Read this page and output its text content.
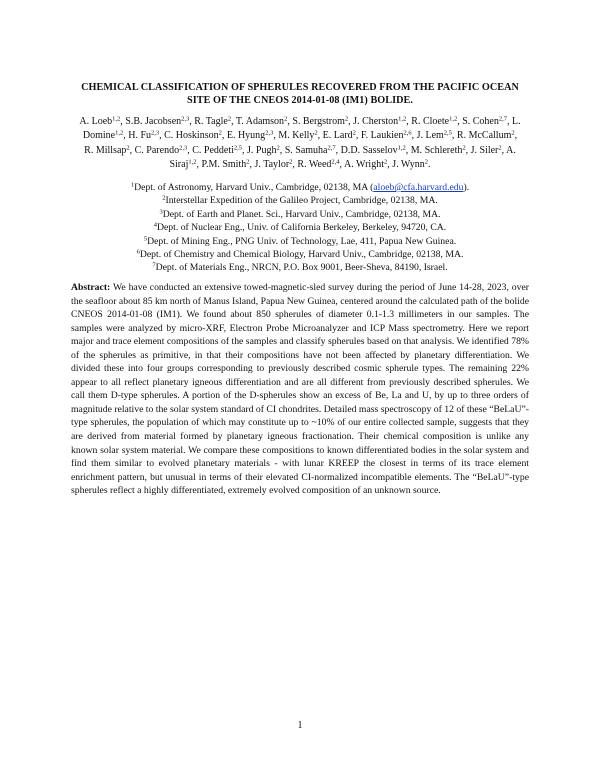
CHEMICAL CLASSIFICATION OF SPHERULES RECOVERED FROM THE PACIFIC OCEAN SITE OF THE CNEOS 2014-01-08 (IM1) BOLIDE.
A. Loeb$^{1,2}$, S.B. Jacobsen$^{2,3}$, R. Tagle$^2$, T. Adamson$^2$, S. Bergstrom$^2$, J. Cherston$^{1,2}$, R. Cloete$^{1,2}$, S. Cohen$^{2,7}$, L. Domine$^{1,2}$, H. Fu$^{2,3}$, C. Hoskinson$^2$, E. Hyung$^{2,3}$, M. Kelly$^2$, E. Lard$^2$, F. Laukien$^{2,6}$, J. Lem$^{2,5}$, R. McCallum$^2$, R. Millsap$^2$, C. Parendo$^{2,3}$, C. Peddeti$^{2,5}$, J. Pugh$^2$, S. Samuha$^{2,7}$, D.D. Sasselov$^{1,2}$, M. Schlereth$^2$, J. Siler$^2$, A. Siraj$^{1,2}$, P.M. Smith$^2$, J. Taylor$^2$, R. Weed$^{2,4}$, A. Wright$^2$, J. Wynn$^2$.
$^1$Dept. of Astronomy, Harvard Univ., Cambridge, 02138, MA (aloeb@cfa.harvard.edu).
$^2$Interstellar Expedition of the Galileo Project, Cambridge, 02138, MA.
$^3$Dept. of Earth and Planet. Sci., Harvard Univ., Cambridge, 02138, MA.
$^4$Dept. of Nuclear Eng., Univ. of California Berkeley, Berkeley, 94720, CA.
$^5$Dept. of Mining Eng., PNG Univ. of Technology, Lae, 411, Papua New Guinea.
$^6$Dept. of Chemistry and Chemical Biology, Harvard Univ., Cambridge, 02138, MA.
$^7$Dept. of Materials Eng., NRCN, P.O. Box 9001, Beer-Sheva, 84190, Israel.
Abstract: We have conducted an extensive towed-magnetic-sled survey during the period of June 14-28, 2023, over the seafloor about 85 km north of Manus Island, Papua New Guinea, centered around the calculated path of the bolide CNEOS 2014-01-08 (IM1). We found about 850 spherules of diameter 0.1-1.3 millimeters in our samples. The samples were analyzed by micro-XRF, Electron Probe Microanalyzer and ICP Mass spectrometry. Here we report major and trace element compositions of the samples and classify spherules based on that analysis. We identified 78% of the spherules as primitive, in that their compositions have not been affected by planetary differentiation. We divided these into four groups corresponding to previously described cosmic spherule types. The remaining 22% appear to all reflect planetary igneous differentiation and are all different from previously described spherules. We call them D-type spherules. A portion of the D-spherules show an excess of Be, La and U, by up to three orders of magnitude relative to the solar system standard of CI chondrites. Detailed mass spectroscopy of 12 of these “BeLaU”-type spherules, the population of which may constitute up to ~10% of our entire collected sample, suggests that they are derived from material formed by planetary igneous fractionation. Their chemical composition is unlike any known solar system material. We compare these compositions to known differentiated bodies in the solar system and find them similar to evolved planetary materials - with lunar KREEP the closest in terms of its trace element enrichment pattern, but unusual in terms of their elevated CI-normalized incompatible elements. The “BeLaU”-type spherules reflect a highly differentiated, extremely evolved composition of an unknown source.
1
